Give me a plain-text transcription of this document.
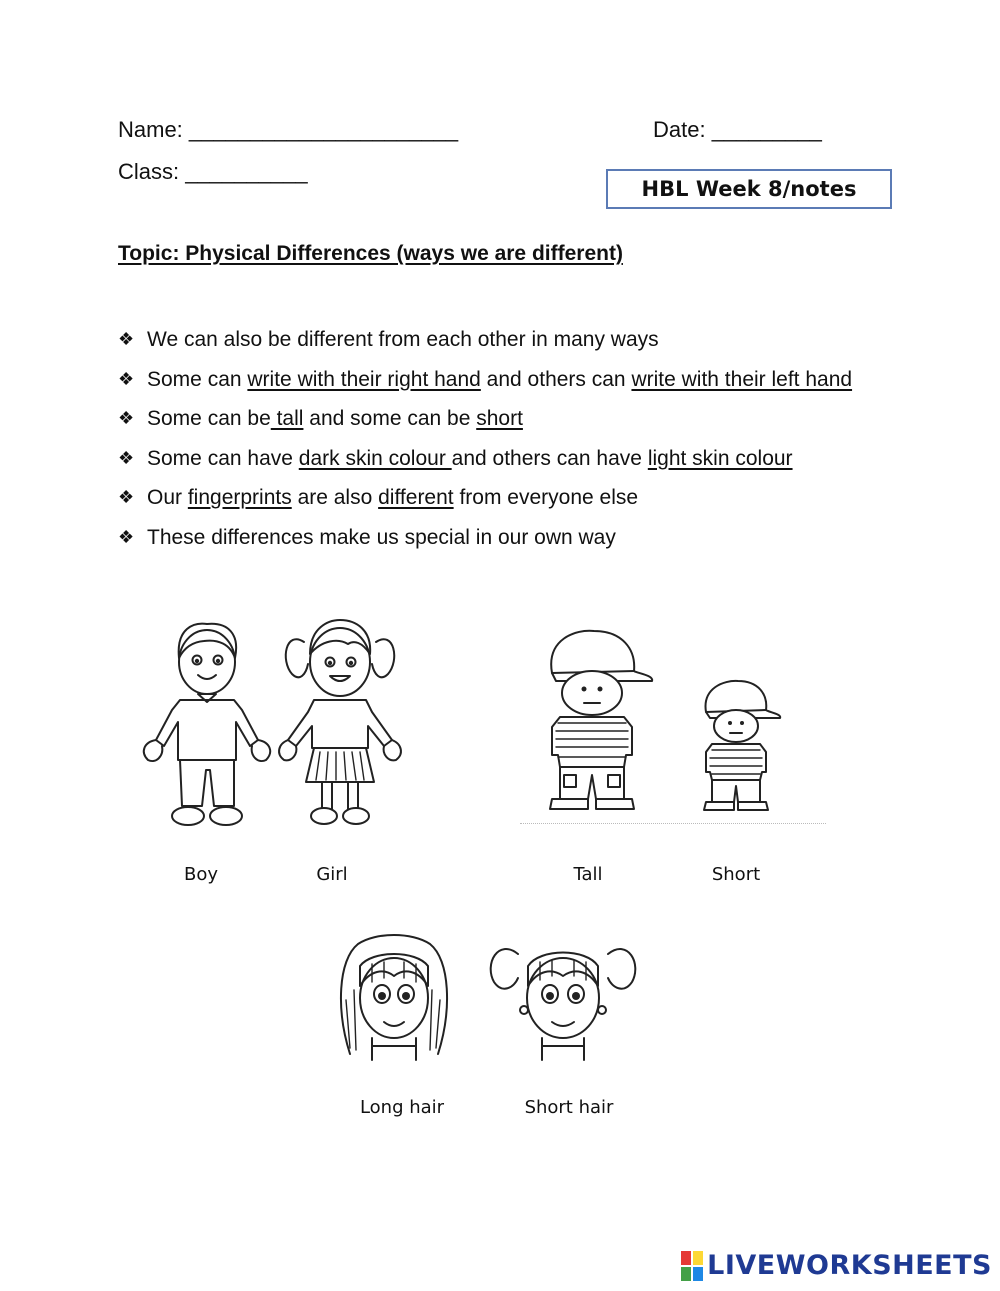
Name: ______________________	Date: _________
Class: __________
HBL Week 8/notes
Topic: Physical Differences (ways we are different)
❖ We can also be different from each other in many ways
❖ Some can write with their right hand and others can write with their left hand
❖ Some can be tall and some can be short
❖ Some can have dark skin colour and others can have light skin colour
❖ Our fingerprints are also different from everyone else
❖ These differences make us special in our own way
Boy	Girl	Tall	Short
Long hair	Short hair
LIVEWORKSHEETS
